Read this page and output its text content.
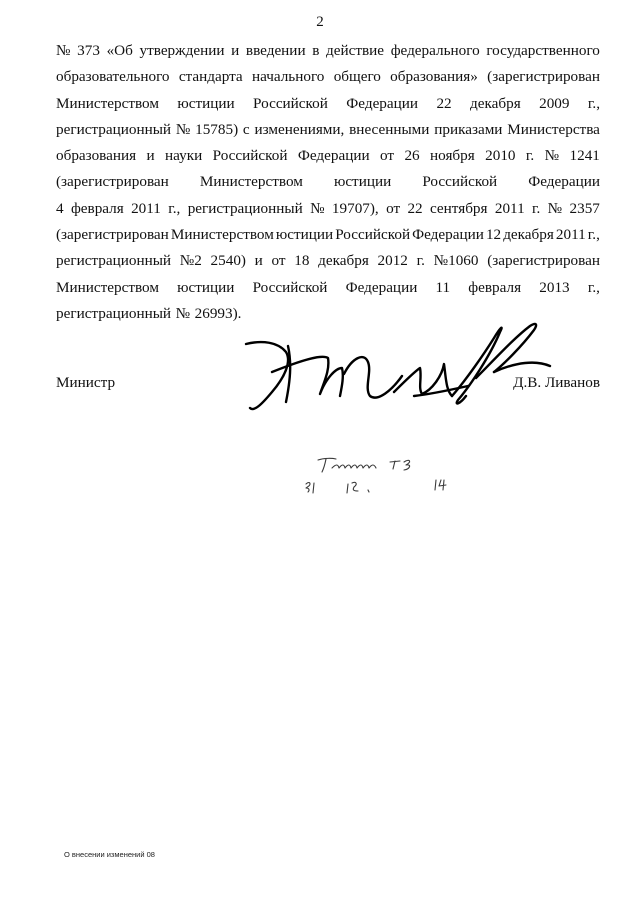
2
№ 373 «Об утверждении и введении в действие федерального государственного
образовательного стандарта начального общего образования» (зарегистрирован
Министерством юстиции Российской Федерации 22 декабря 2009 г.,
регистрационный № 15785) с изменениями, внесенными приказами Министерства
образования и науки Российской Федерации от 26 ноября 2010 г. № 1241
(зарегистрирован Министерством юстиции Российской Федерации
4 февраля 2011 г., регистрационный № 19707), от 22 сентября 2011 г. № 2357
(зарегистрирован Министерством юстиции Российской Федерации 12 декабря 2011 г.,
регистрационный №2 2540) и от 18 декабря 2012 г. №1060 (зарегистрирован
Министерством юстиции Российской Федерации 11 февраля 2013 г.,
регистрационный № 26993).
Министр	Д.В. Ливанов
О внесении изменений 08
